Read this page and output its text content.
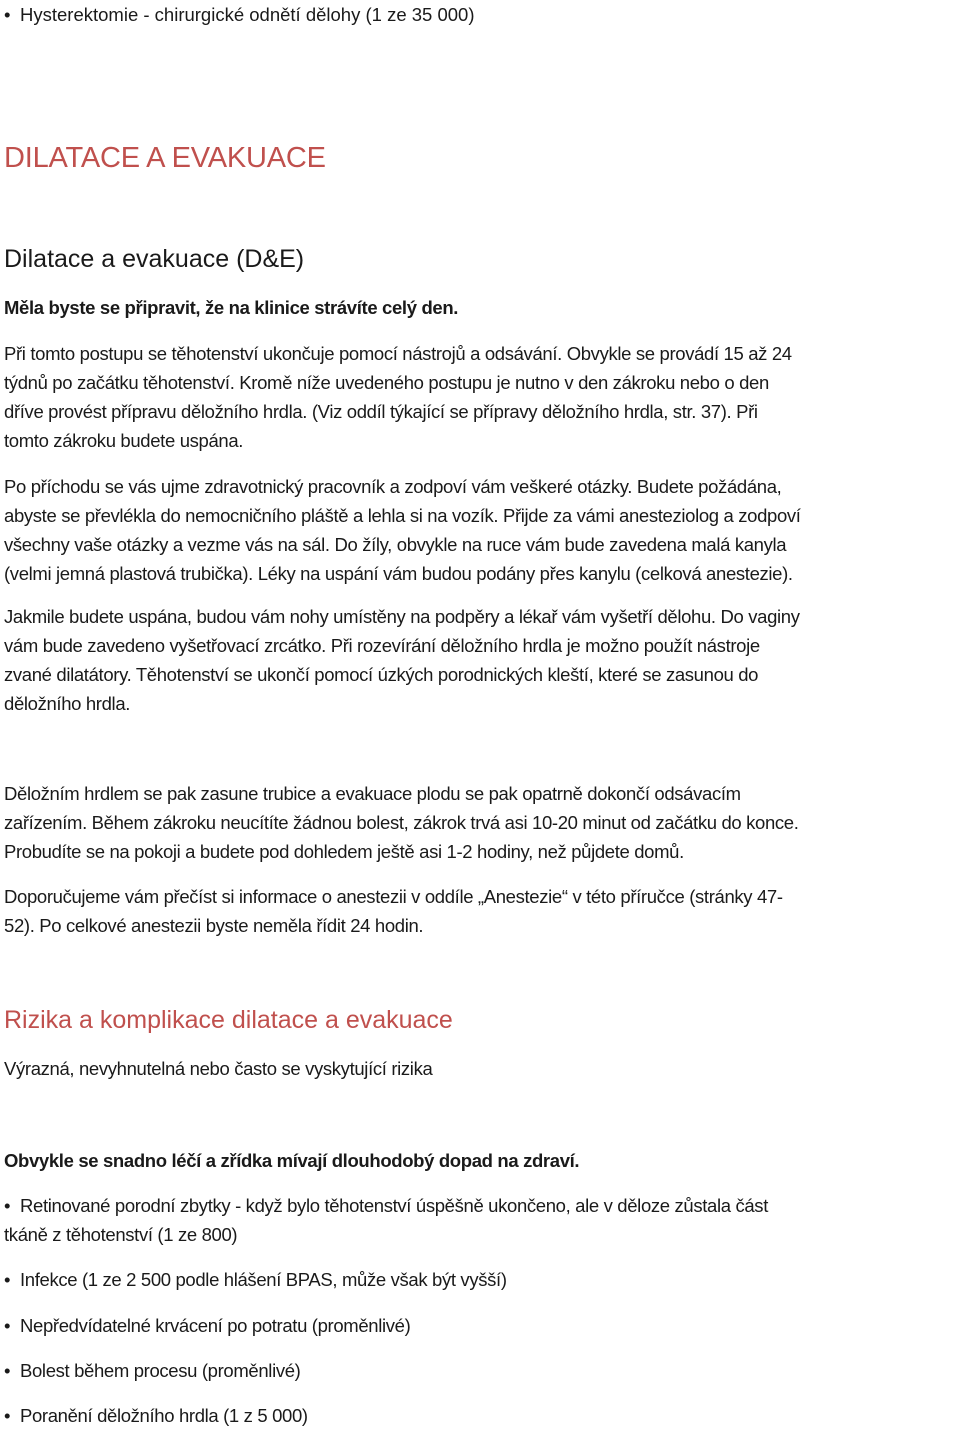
• Hysterektomie - chirurgické odnětí dělohy (1 ze 35 000)
DILATACE A EVAKUACE
Dilatace a evakuace (D&E)
Měla byste se připravit, že na klinice strávíte celý den.
Při tomto postupu se těhotenství ukončuje pomocí nástrojů a odsávání. Obvykle se provádí 15 až 24
týdnů po začátku těhotenství. Kromě níže uvedeného postupu je nutno v den zákroku nebo o den
dříve provést přípravu děložního hrdla. (Viz oddíl týkající se přípravy děložního hrdla, str. 37). Při
tomto zákroku budete uspána.
Po příchodu se vás ujme zdravotnický pracovník a zodpoví vám veškeré otázky. Budete požádána,
abyste se převlékla do nemocničního pláště a lehla si na vozík. Přijde za vámi anesteziolog a zodpoví
všechny vaše otázky a vezme vás na sál. Do žíly, obvykle na ruce vám bude zavedena malá kanyla
(velmi jemná plastová trubička). Léky na uspání vám budou podány přes kanylu (celková anestezie).
Jakmile budete uspána, budou vám nohy umístěny na podpěry a lékař vám vyšetří dělohu. Do vaginy
vám bude zavedeno vyšetřovací zrcátko. Při rozevírání děložního hrdla je možno použít nástroje
zvané dilatátory. Těhotenství se ukončí pomocí úzkých porodnických kleští, které se zasunou do
děložního hrdla.
Děložním hrdlem se pak zasune trubice a evakuace plodu se pak opatrně dokončí odsávacím
zařízením. Během zákroku neucítíte žádnou bolest, zákrok trvá asi 10-20 minut od začátku do konce.
Probudíte se na pokoji a budete pod dohledem ještě asi 1-2 hodiny, než půjdete domů.
Doporučujeme vám přečíst si informace o anestezii v oddíle „Anestezie“ v této příručce (stránky 47-
52). Po celkové anestezii byste neměla řídit 24 hodin.
Rizika a komplikace dilatace a evakuace
Výrazná, nevyhnutelná nebo často se vyskytující rizika
Obvykle se snadno léčí a zřídka mívají dlouhodobý dopad na zdraví.
• Retinované porodní zbytky - když bylo těhotenství úspěšně ukončeno, ale v děloze zůstala část
tkáně z těhotenství (1 ze 800)
• Infekce (1 ze 2 500 podle hlášení BPAS, může však být vyšší)
• Nepředvídatelné krvácení po potratu (proměnlivé)
• Bolest během procesu (proměnlivé)
• Poranění děložního hrdla (1 z 5 000)
